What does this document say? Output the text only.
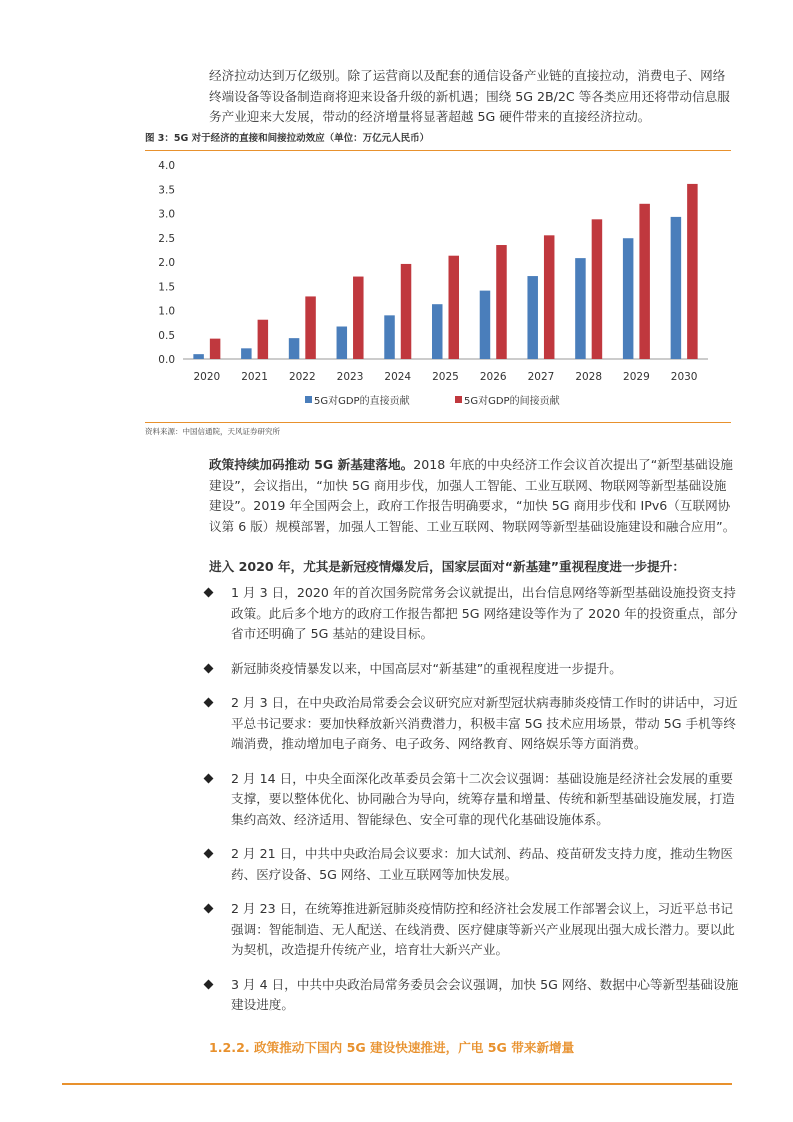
经济拉动达到万亿级别。除了运营商以及配套的通信设备产业链的直接拉动，消费电子、网络终端设备等设备制造商将迎来设备升级的新机遇；围绕 5G 2B/2C 等各类应用还将带动信息服务产业迎来大发展，带动的经济增量将显著超越 5G 硬件带来的直接经济拉动。

图 3：5G 对于经济的直接和间接拉动效应（单位：万亿元人民币）

0.0
0.5
1.0
1.5
2.0
2.5
3.0
3.5
4.0
2020 2021 2022 2023 2024 2025 2026 2027 2028 2029 2030
5G对GDP的直接贡献	5G对GDP的间接贡献

资料来源：中国信通院，天风证券研究所

政策持续加码推动 5G 新基建落地。2018 年底的中央经济工作会议首次提出了“新型基础设施建设”，会议指出，“加快 5G 商用步伐，加强人工智能、工业互联网、物联网等新型基础设施建设”。2019 年全国两会上，政府工作报告明确要求，“加快 5G 商用步伐和 IPv6（互联网协议第 6 版）规模部署，加强人工智能、工业互联网、物联网等新型基础设施建设和融合应用”。

进入 2020 年，尤其是新冠疫情爆发后，国家层面对“新基建”重视程度进一步提升：

1 月 3 日，2020 年的首次国务院常务会议就提出，出台信息网络等新型基础设施投资支持政策。此后多个地方的政府工作报告都把 5G 网络建设等作为了 2020 年的投资重点，部分省市还明确了 5G 基站的建设目标。
新冠肺炎疫情暴发以来，中国高层对“新基建”的重视程度进一步提升。
2 月 3 日，在中央政治局常委会会议研究应对新型冠状病毒肺炎疫情工作时的讲话中，习近平总书记要求：要加快释放新兴消费潜力，积极丰富 5G 技术应用场景，带动 5G 手机等终端消费，推动增加电子商务、电子政务、网络教育、网络娱乐等方面消费。
2 月 14 日，中央全面深化改革委员会第十二次会议强调：基础设施是经济社会发展的重要支撑，要以整体优化、协同融合为导向，统筹存量和增量、传统和新型基础设施发展，打造集约高效、经济适用、智能绿色、安全可靠的现代化基础设施体系。
2 月 21 日，中共中央政治局会议要求：加大试剂、药品、疫苗研发支持力度，推动生物医药、医疗设备、5G 网络、工业互联网等加快发展。
2 月 23 日，在统筹推进新冠肺炎疫情防控和经济社会发展工作部署会议上，习近平总书记强调：智能制造、无人配送、在线消费、医疗健康等新兴产业展现出强大成长潜力。要以此为契机，改造提升传统产业，培育壮大新兴产业。
3 月 4 日，中共中央政治局常务委员会会议强调，加快 5G 网络、数据中心等新型基础设施建设进度。

1.2.2. 政策推动下国内 5G 建设快速推进，广电 5G 带来新增量
